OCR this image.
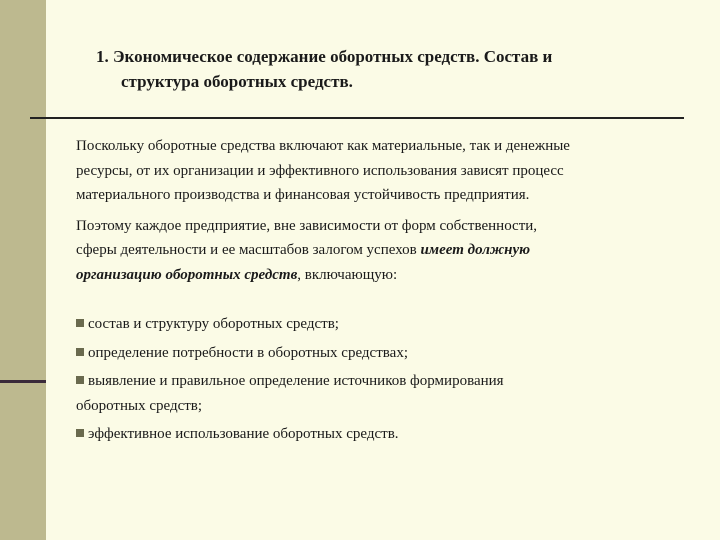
1. Экономическое содержание оборотных средств. Состав и
структура оборотных средств.

Поскольку оборотные средства включают как материальные, так и денежные
ресурсы, от их организации и эффективного использования зависят процесс
материального производства и финансовая устойчивость предприятия.

Поэтому каждое предприятие, вне зависимости от форм собственности,
сферы деятельности и ее масштабов залогом успехов имеет должную
организацию оборотных средств, включающую:

состав и структуру оборотных средств;
определение потребности в оборотных средствах;
выявление и правильное определение источников формирования
оборотных средств;
эффективное использование оборотных средств.
